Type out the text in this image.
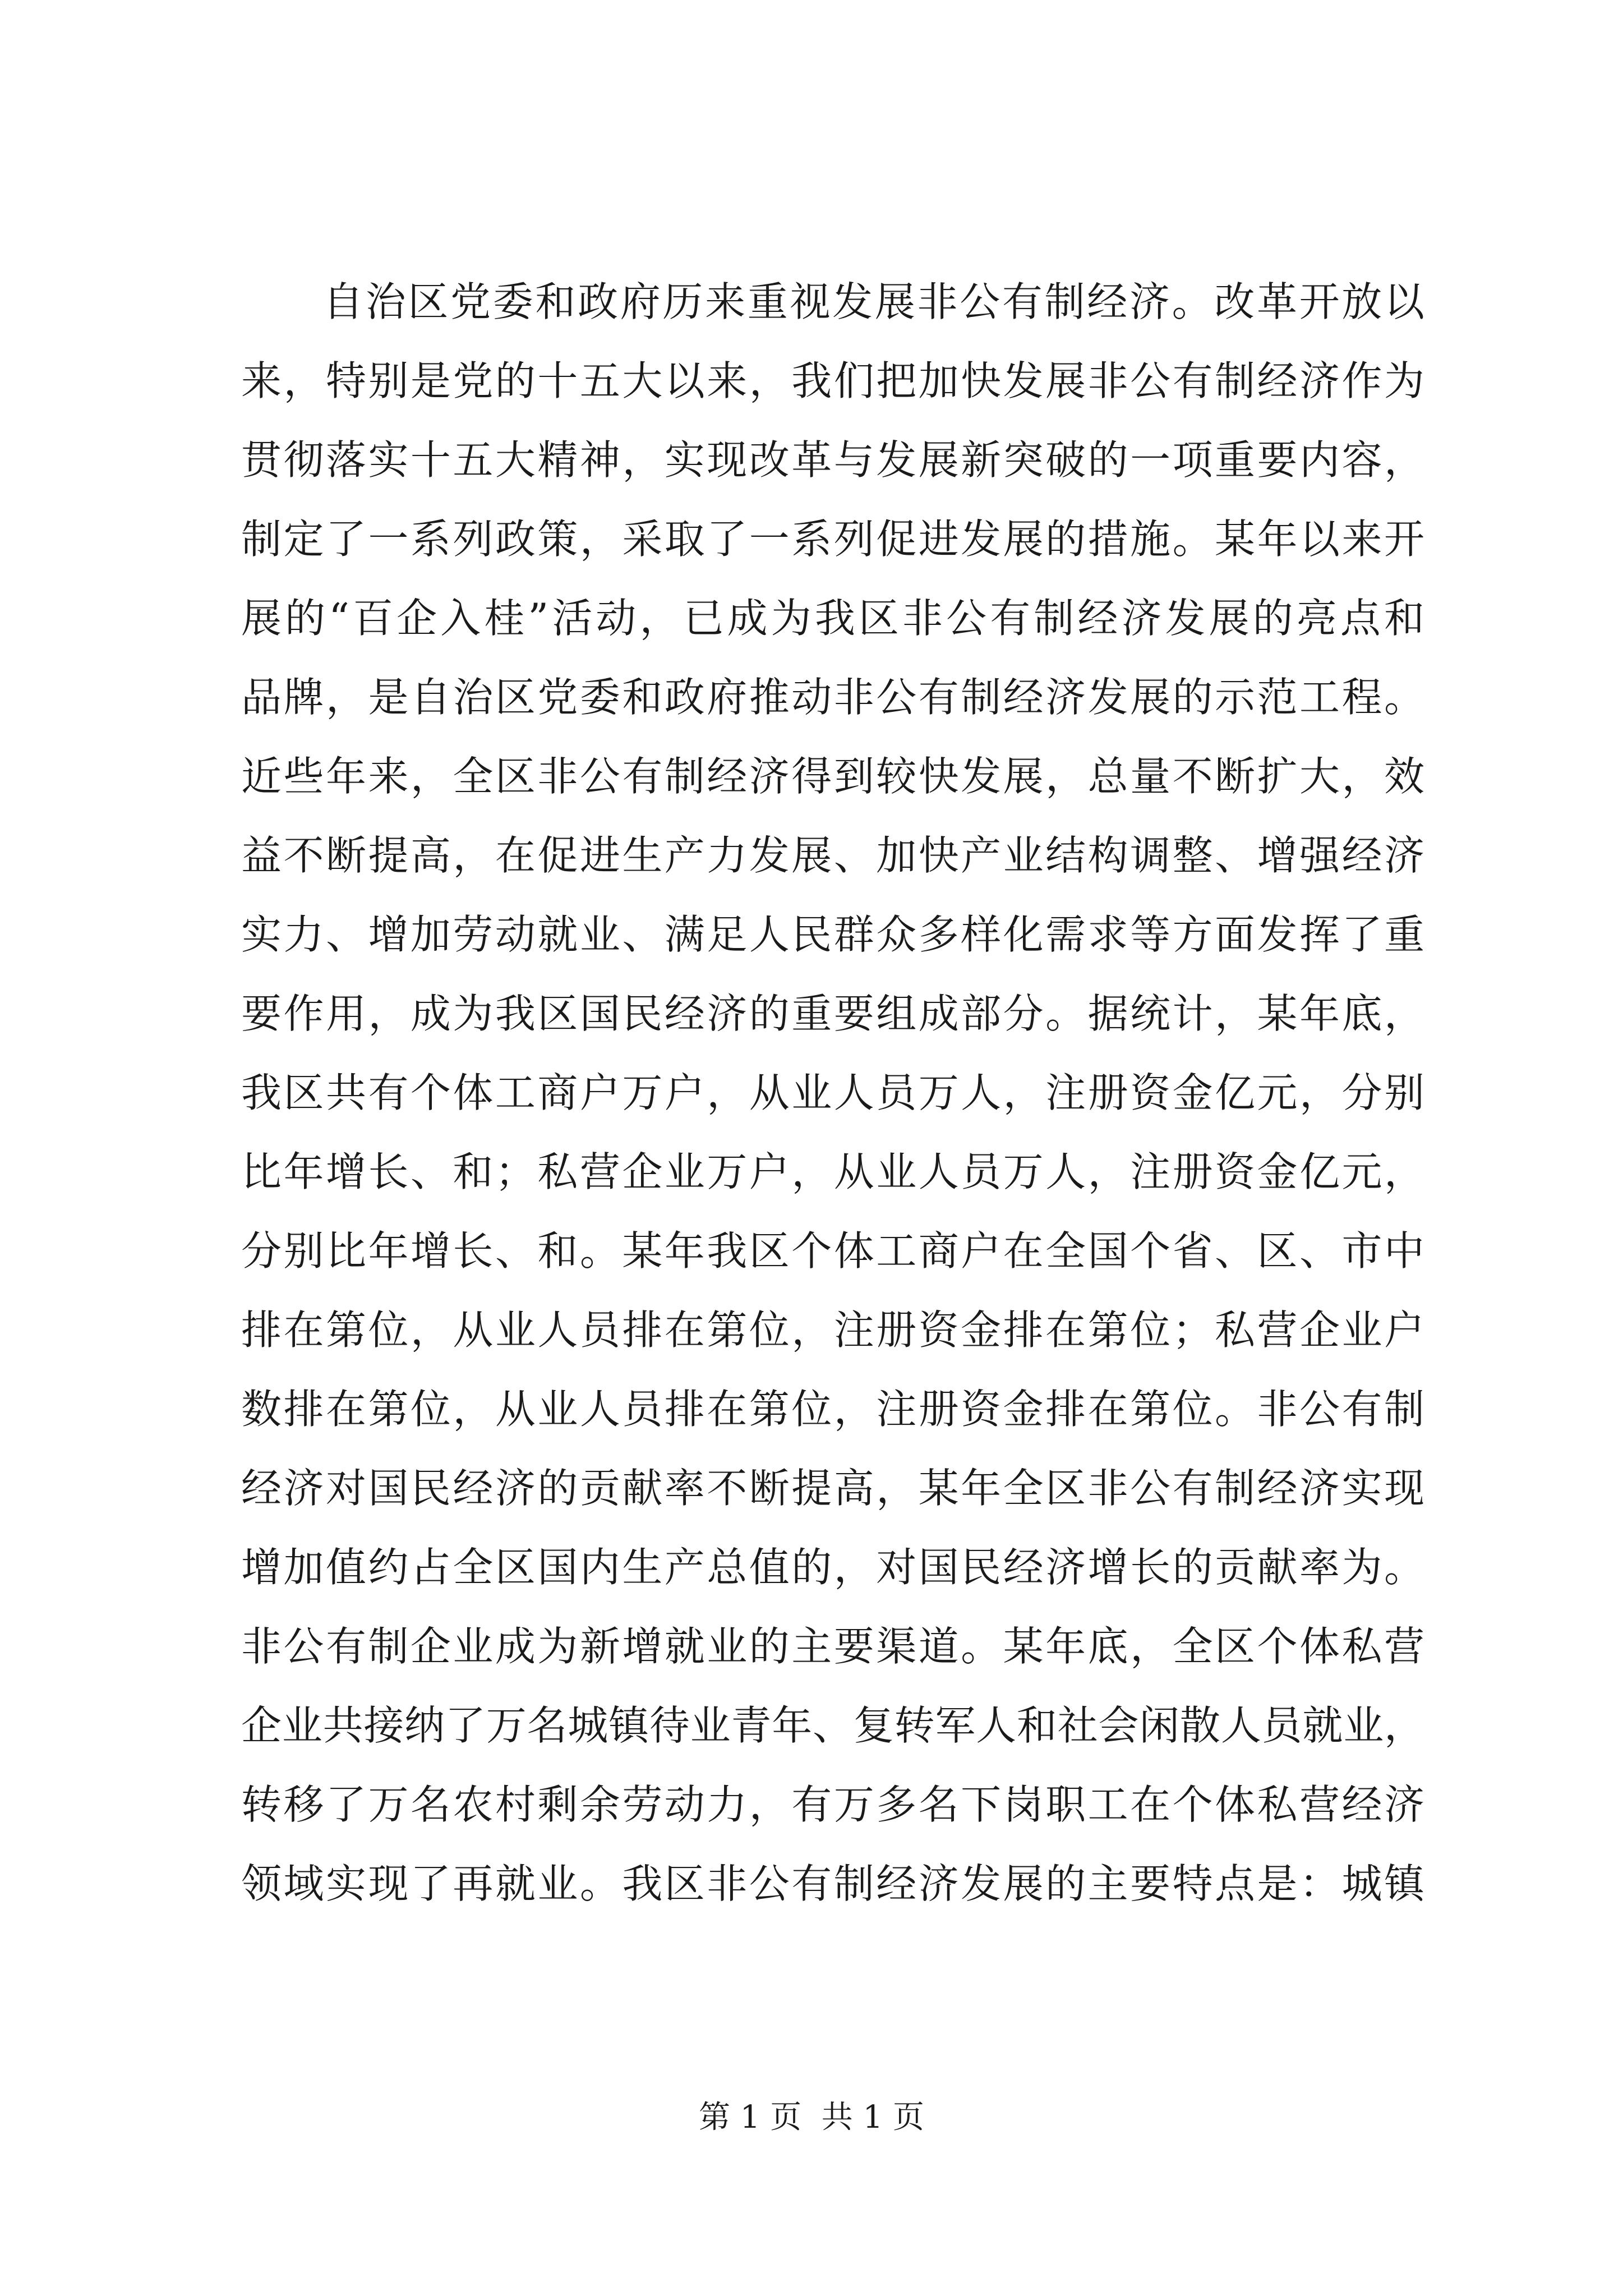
自治区党委和政府历来重视发展非公有制经济。改革开放以
来，特别是党的十五大以来，我们把加快发展非公有制经济作为
贯彻落实十五大精神，实现改革与发展新突破的一项重要内容，
制定了一系列政策，采取了一系列促进发展的措施。某年以来开
展的“百企入桂”活动，已成为我区非公有制经济发展的亮点和
品牌，是自治区党委和政府推动非公有制经济发展的示范工程。
近些年来，全区非公有制经济得到较快发展，总量不断扩大，效
益不断提高，在促进生产力发展、加快产业结构调整、增强经济
实力、增加劳动就业、满足人民群众多样化需求等方面发挥了重
要作用，成为我区国民经济的重要组成部分。据统计，某年底，
我区共有个体工商户万户，从业人员万人，注册资金亿元，分别
比年增长、和；私营企业万户，从业人员万人，注册资金亿元，
分别比年增长、和。某年我区个体工商户在全国个省、区、市中
排在第位，从业人员排在第位，注册资金排在第位；私营企业户
数排在第位，从业人员排在第位，注册资金排在第位。非公有制
经济对国民经济的贡献率不断提高，某年全区非公有制经济实现
增加值约占全区国内生产总值的，对国民经济增长的贡献率为。
非公有制企业成为新增就业的主要渠道。某年底，全区个体私营
企业共接纳了万名城镇待业青年、复转军人和社会闲散人员就业，
转移了万名农村剩余劳动力，有万多名下岗职工在个体私营经济
领域实现了再就业。我区非公有制经济发展的主要特点是：城镇
第 1 页  共 1 页
